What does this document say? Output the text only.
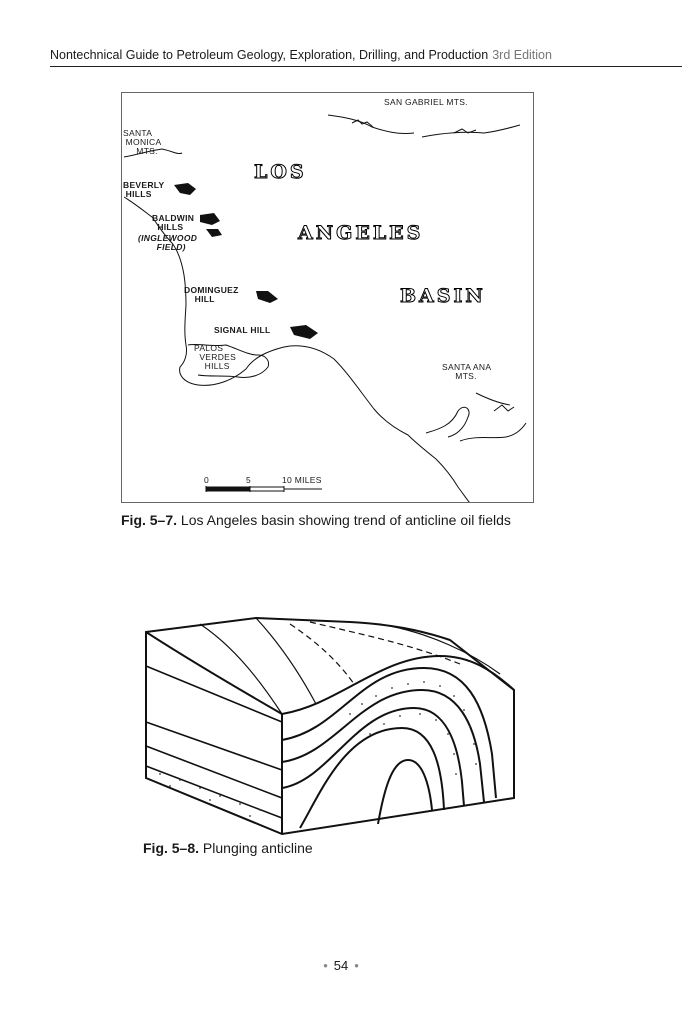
Nontechnical Guide to Petroleum Geology, Exploration, Drilling, and Production 3rd Edition
SAN GABRIEL MTS.
SANTA
MONICA
MTS.
BEVERLY
HILLS
BALDWIN
HILLS
(INGLEWOOD
FIELD)
DOMINGUEZ
HILL
SIGNAL HILL
PALOS
VERDES
HILLS	SANTA ANA
MTS.
LOS
ANGELES
BASIN
0	5	10 MILES
Fig. 5–7. Los Angeles basin showing trend of anticline oil fields
Fig. 5–8. Plunging anticline
• 54 •
